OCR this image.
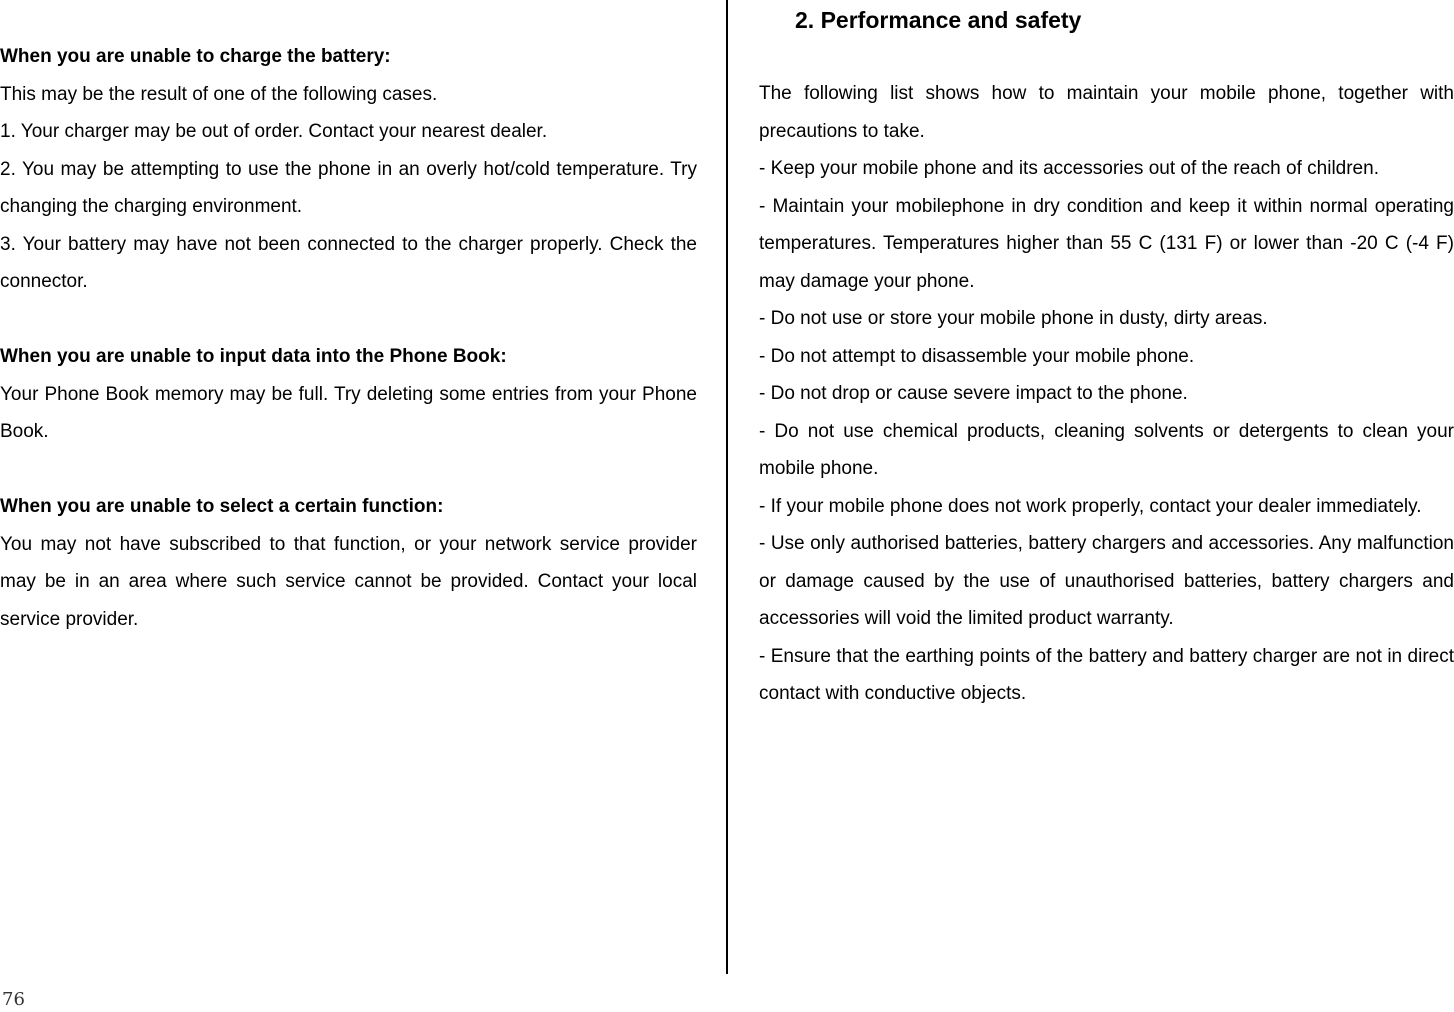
When you are unable to charge the battery:

This may be the result of one of the following cases.

1. Your charger may be out of order. Contact your nearest dealer.

2. You may be attempting to use the phone in an overly hot/cold temperature. Try changing the charging environment.

3. Your battery may have not been connected to the charger properly. Check the connector.

When you are unable to input data into the Phone Book:

Your Phone Book memory may be full. Try deleting some entries from your Phone Book.

When you are unable to select a certain function:

You may not have subscribed to that function, or your network service provider may be in an area where such service cannot be provided. Contact your local service provider.

2. Performance and safety

The following list shows how to maintain your mobile phone, together with precautions to take.

- Keep your mobile phone and its accessories out of the reach of children.

- Maintain your mobilephone in dry condition and keep it within normal operating temperatures. Temperatures higher than 55 C (131 F) or lower than -20 C (-4 F) may damage your phone.

- Do not use or store your mobile phone in dusty, dirty areas.

- Do not attempt to disassemble your mobile phone.

- Do not drop or cause severe impact to the phone.

- Do not use chemical products, cleaning solvents or detergents to clean your mobile phone.

- If your mobile phone does not work properly, contact your dealer immediately.

- Use only authorised batteries, battery chargers and accessories. Any malfunction or damage caused by the use of unauthorised batteries, battery chargers and accessories will void the limited product warranty.

- Ensure that the earthing points of the battery and battery charger are not in direct contact with conductive objects.

76
